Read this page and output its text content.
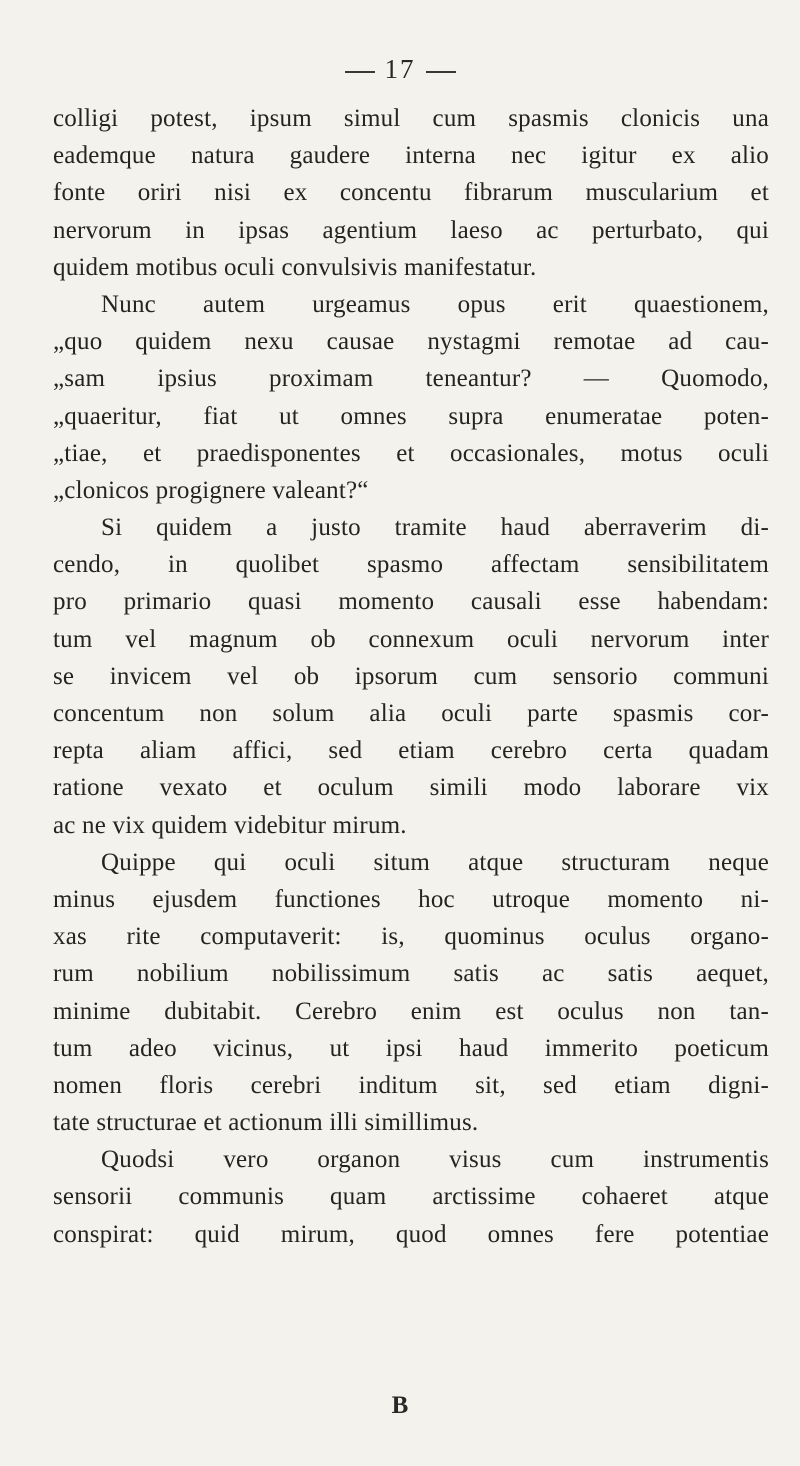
17
colligi potest, ipsum simul cum spasmis clonicis una
eademque natura gaudere interna nec igitur ex alio
fonte oriri nisi ex concentu fibrarum muscularium et
nervorum in ipsas agentium laeso ac perturbato, qui
quidem motibus oculi convulsivis manifestatur.
Nunc autem urgeamus opus erit quaestionem,
„quo quidem nexu causae nystagmi remotae ad cau-
„sam ipsius proximam teneantur? — Quomodo,
„quaeritur, fiat ut omnes supra enumeratae poten-
„tiae, et praedisponentes et occasionales, motus oculi
„clonicos progignere valeant?“
Si quidem a justo tramite haud aberraverim di-
cendo, in quolibet spasmo affectam sensibilitatem
pro primario quasi momento causali esse habendam:
tum vel magnum ob connexum oculi nervorum inter
se invicem vel ob ipsorum cum sensorio communi
concentum non solum alia oculi parte spasmis cor-
repta aliam affici, sed etiam cerebro certa quadam
ratione vexato et oculum simili modo laborare vix
ac ne vix quidem videbitur mirum.
Quippe qui oculi situm atque structuram neque
minus ejusdem functiones hoc utroque momento ni-
xas rite computaverit: is, quominus oculus organo-
rum nobilium nobilissimum satis ac satis aequet,
minime dubitabit. Cerebro enim est oculus non tan-
tum adeo vicinus, ut ipsi haud immerito poeticum
nomen floris cerebri inditum sit, sed etiam digni-
tate structurae et actionum illi simillimus.
Quodsi vero organon visus cum instrumentis
sensorii communis quam arctissime cohaeret atque
conspirat: quid mirum, quod omnes fere potentiae
B
